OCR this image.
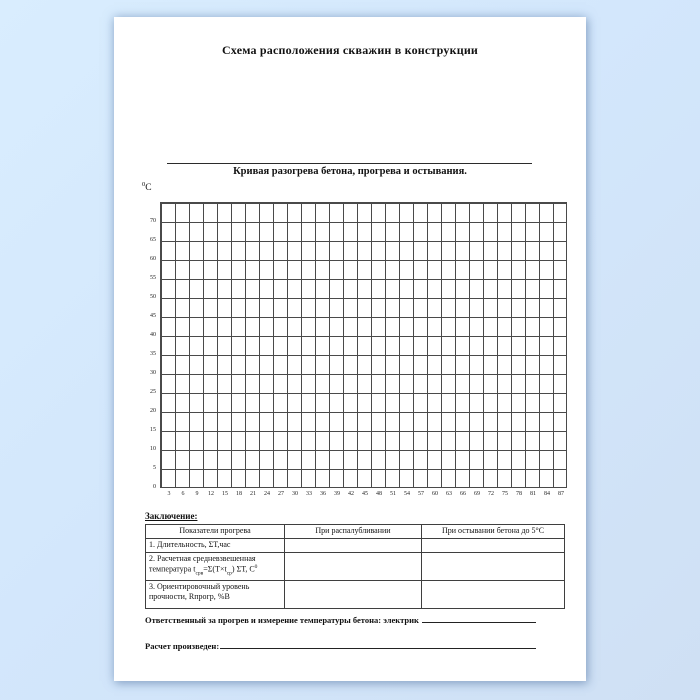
Схема расположения скважин в конструкции
Кривая разогрева бетона, прогрева и остывания.
$^0$С
70
65
60
55
50
45
40
35
30
25
20
15
10
5
0
3 6 9 12 15 18 21 24 27 30 33 36 39 42 45 48 51 54 57 60 63 66 69 72 75 78 81 84 87
Заключение:
Показатели прогрева	При распалубливании	При остывании бетона до 5°С
1. Длительность, ΣТ,час		
2. Расчетная средневзвешенная температура $t_{срв}=\Sigma(Т\times t_{ср})$ ΣТ, $С^0$		
3. Ориентировочный уровень прочности, Rпрогр, %В		
Ответственный за прогрев и измерение температуры бетона: электрик
Расчет произведен:
